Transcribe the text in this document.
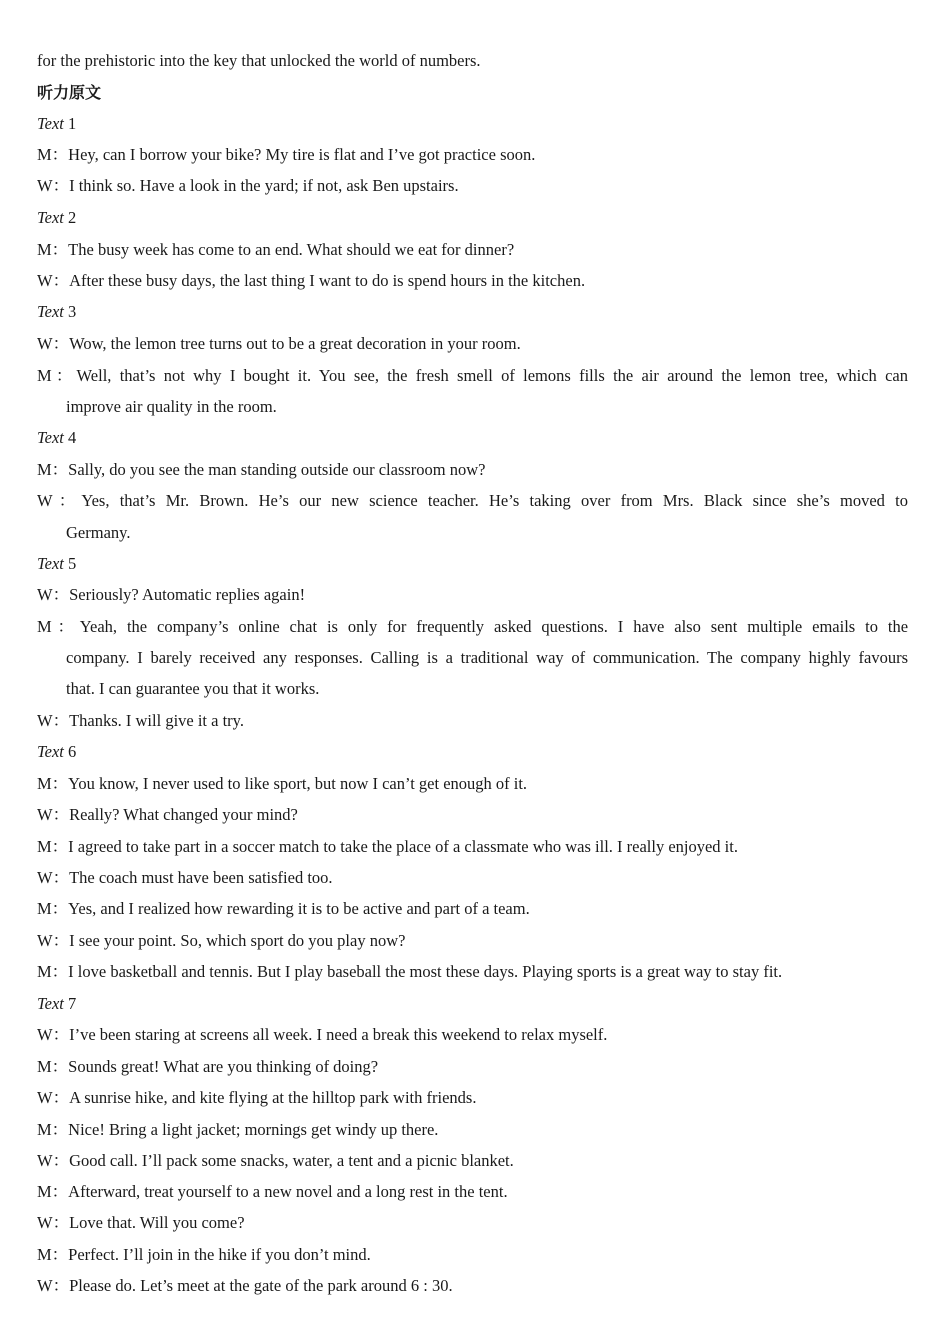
for the prehistoric into the key that unlocked the world of numbers.
听力原文
Text 1
M：Hey, can I borrow your bike? My tire is flat and I’ve got practice soon.
W：I think so. Have a look in the yard; if not, ask Ben upstairs.
Text 2
M：The busy week has come to an end. What should we eat for dinner?
W：After these busy days, the last thing I want to do is spend hours in the kitchen.
Text 3
W：Wow, the lemon tree turns out to be a great decoration in your room.
M：Well, that’s not why I bought it. You see, the fresh smell of lemons fills the air around the lemon tree, which can
improve air quality in the room.
Text 4
M：Sally, do you see the man standing outside our classroom now?
W：Yes, that’s Mr. Brown. He’s our new science teacher. He’s taking over from Mrs. Black since she’s moved to
Germany.
Text 5
W：Seriously? Automatic replies again!
M：Yeah, the company’s online chat is only for frequently asked questions. I have also sent multiple emails to the
company. I barely received any responses. Calling is a traditional way of communication. The company highly favours
that. I can guarantee you that it works.
W：Thanks. I will give it a try.
Text 6
M：You know, I never used to like sport, but now I can’t get enough of it.
W：Really? What changed your mind?
M：I agreed to take part in a soccer match to take the place of a classmate who was ill. I really enjoyed it.
W：The coach must have been satisfied too.
M：Yes, and I realized how rewarding it is to be active and part of a team.
W：I see your point. So, which sport do you play now?
M：I love basketball and tennis. But I play baseball the most these days. Playing sports is a great way to stay fit.
Text 7
W：I’ve been staring at screens all week. I need a break this weekend to relax myself.
M：Sounds great! What are you thinking of doing?
W：A sunrise hike, and kite flying at the hilltop park with friends.
M：Nice! Bring a light jacket; mornings get windy up there.
W：Good call. I’ll pack some snacks, water, a tent and a picnic blanket.
M：Afterward, treat yourself to a new novel and a long rest in the tent.
W：Love that. Will you come?
M：Perfect. I’ll join in the hike if you don’t mind.
W：Please do. Let’s meet at the gate of the park around 6 : 30.
